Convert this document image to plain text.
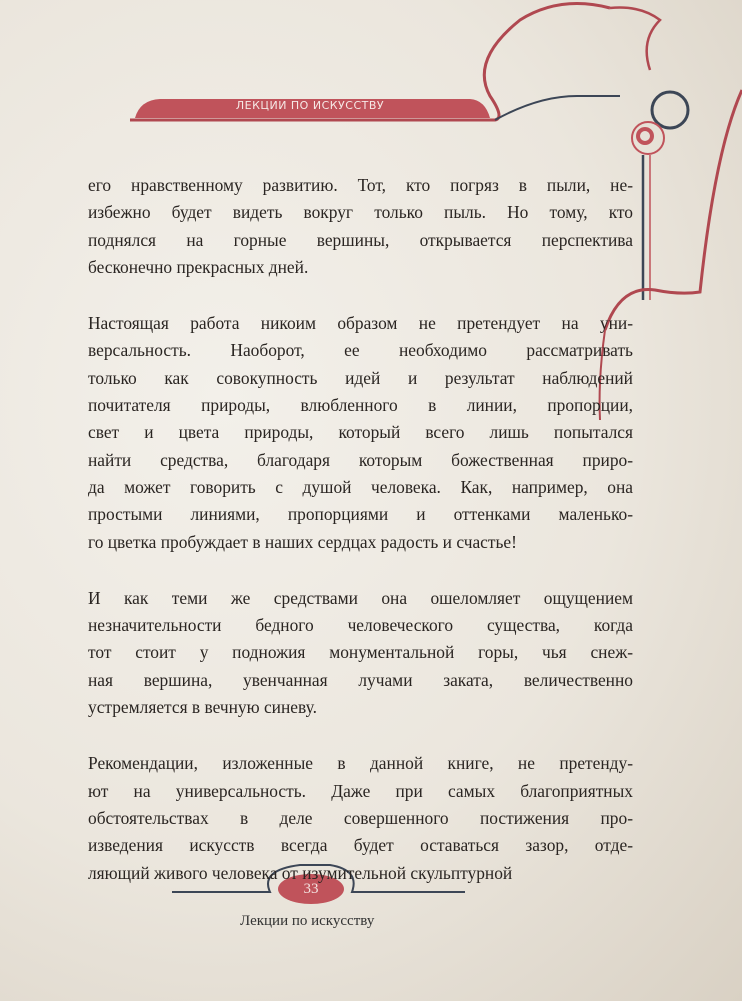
ЛЕКЦИИ ПО ИСКУССТВУ
его нравственному развитию. Тот, кто погряз в пыли, не-
избежно будет видеть вокруг только пыль. Но тому, кто
поднялся на горные вершины, открывается перспектива
бесконечно прекрасных дней.
Настоящая работа никоим образом не претендует на уни-
версальность. Наоборот, ее необходимо рассматривать
только как совокупность идей и результат наблюдений
почитателя природы, влюбленного в линии, пропорции,
свет и цвета природы, который всего лишь попытался
найти средства, благодаря которым божественная приро-
да может говорить с душой человека. Как, например, она
простыми линиями, пропорциями и оттенками маленько-
го цветка пробуждает в наших сердцах радость и счастье!
И как теми же средствами она ошеломляет ощущением
незначительности бедного человеческого существа, когда
тот стоит у подножия монументальной горы, чья снеж-
ная вершина, увенчанная лучами заката, величественно
устремляется в вечную синеву.
Рекомендации, изложенные в данной книге, не претенду-
ют на универсальность. Даже при самых благоприятных
обстоятельствах в деле совершенного постижения про-
изведения искусств всегда будет оставаться зазор, отде-
ляющий живого человека от изумительной скульптурной
33
Лекции по искусству
